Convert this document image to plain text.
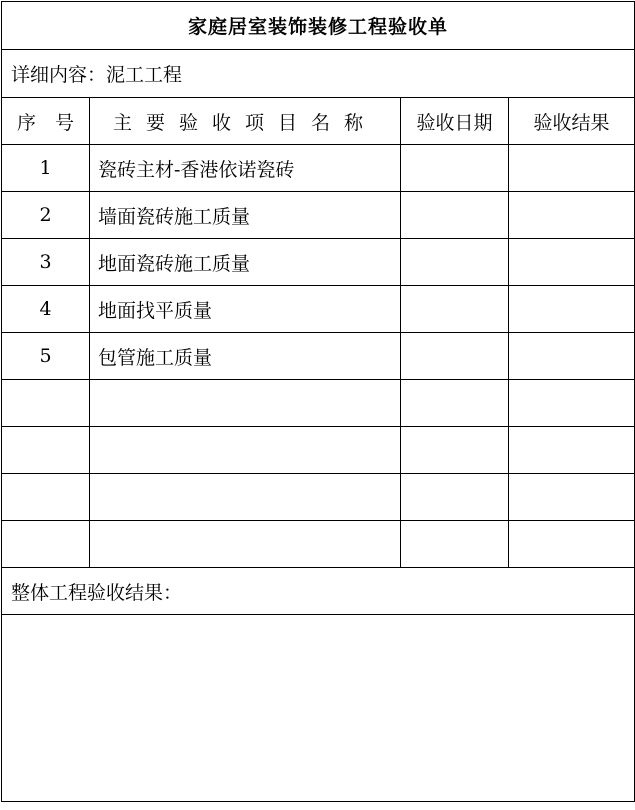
家庭居室装饰装修工程验收单			
详细内容：泥工工程			
序　号	主要验收项目名称	验收日期	验收结果
1	瓷砖主材-香港依诺瓷砖		
2	墙面瓷砖施工质量		
3	地面瓷砖施工质量		
4	地面找平质量		
5	包管施工质量		

整体工程验收结果：			
